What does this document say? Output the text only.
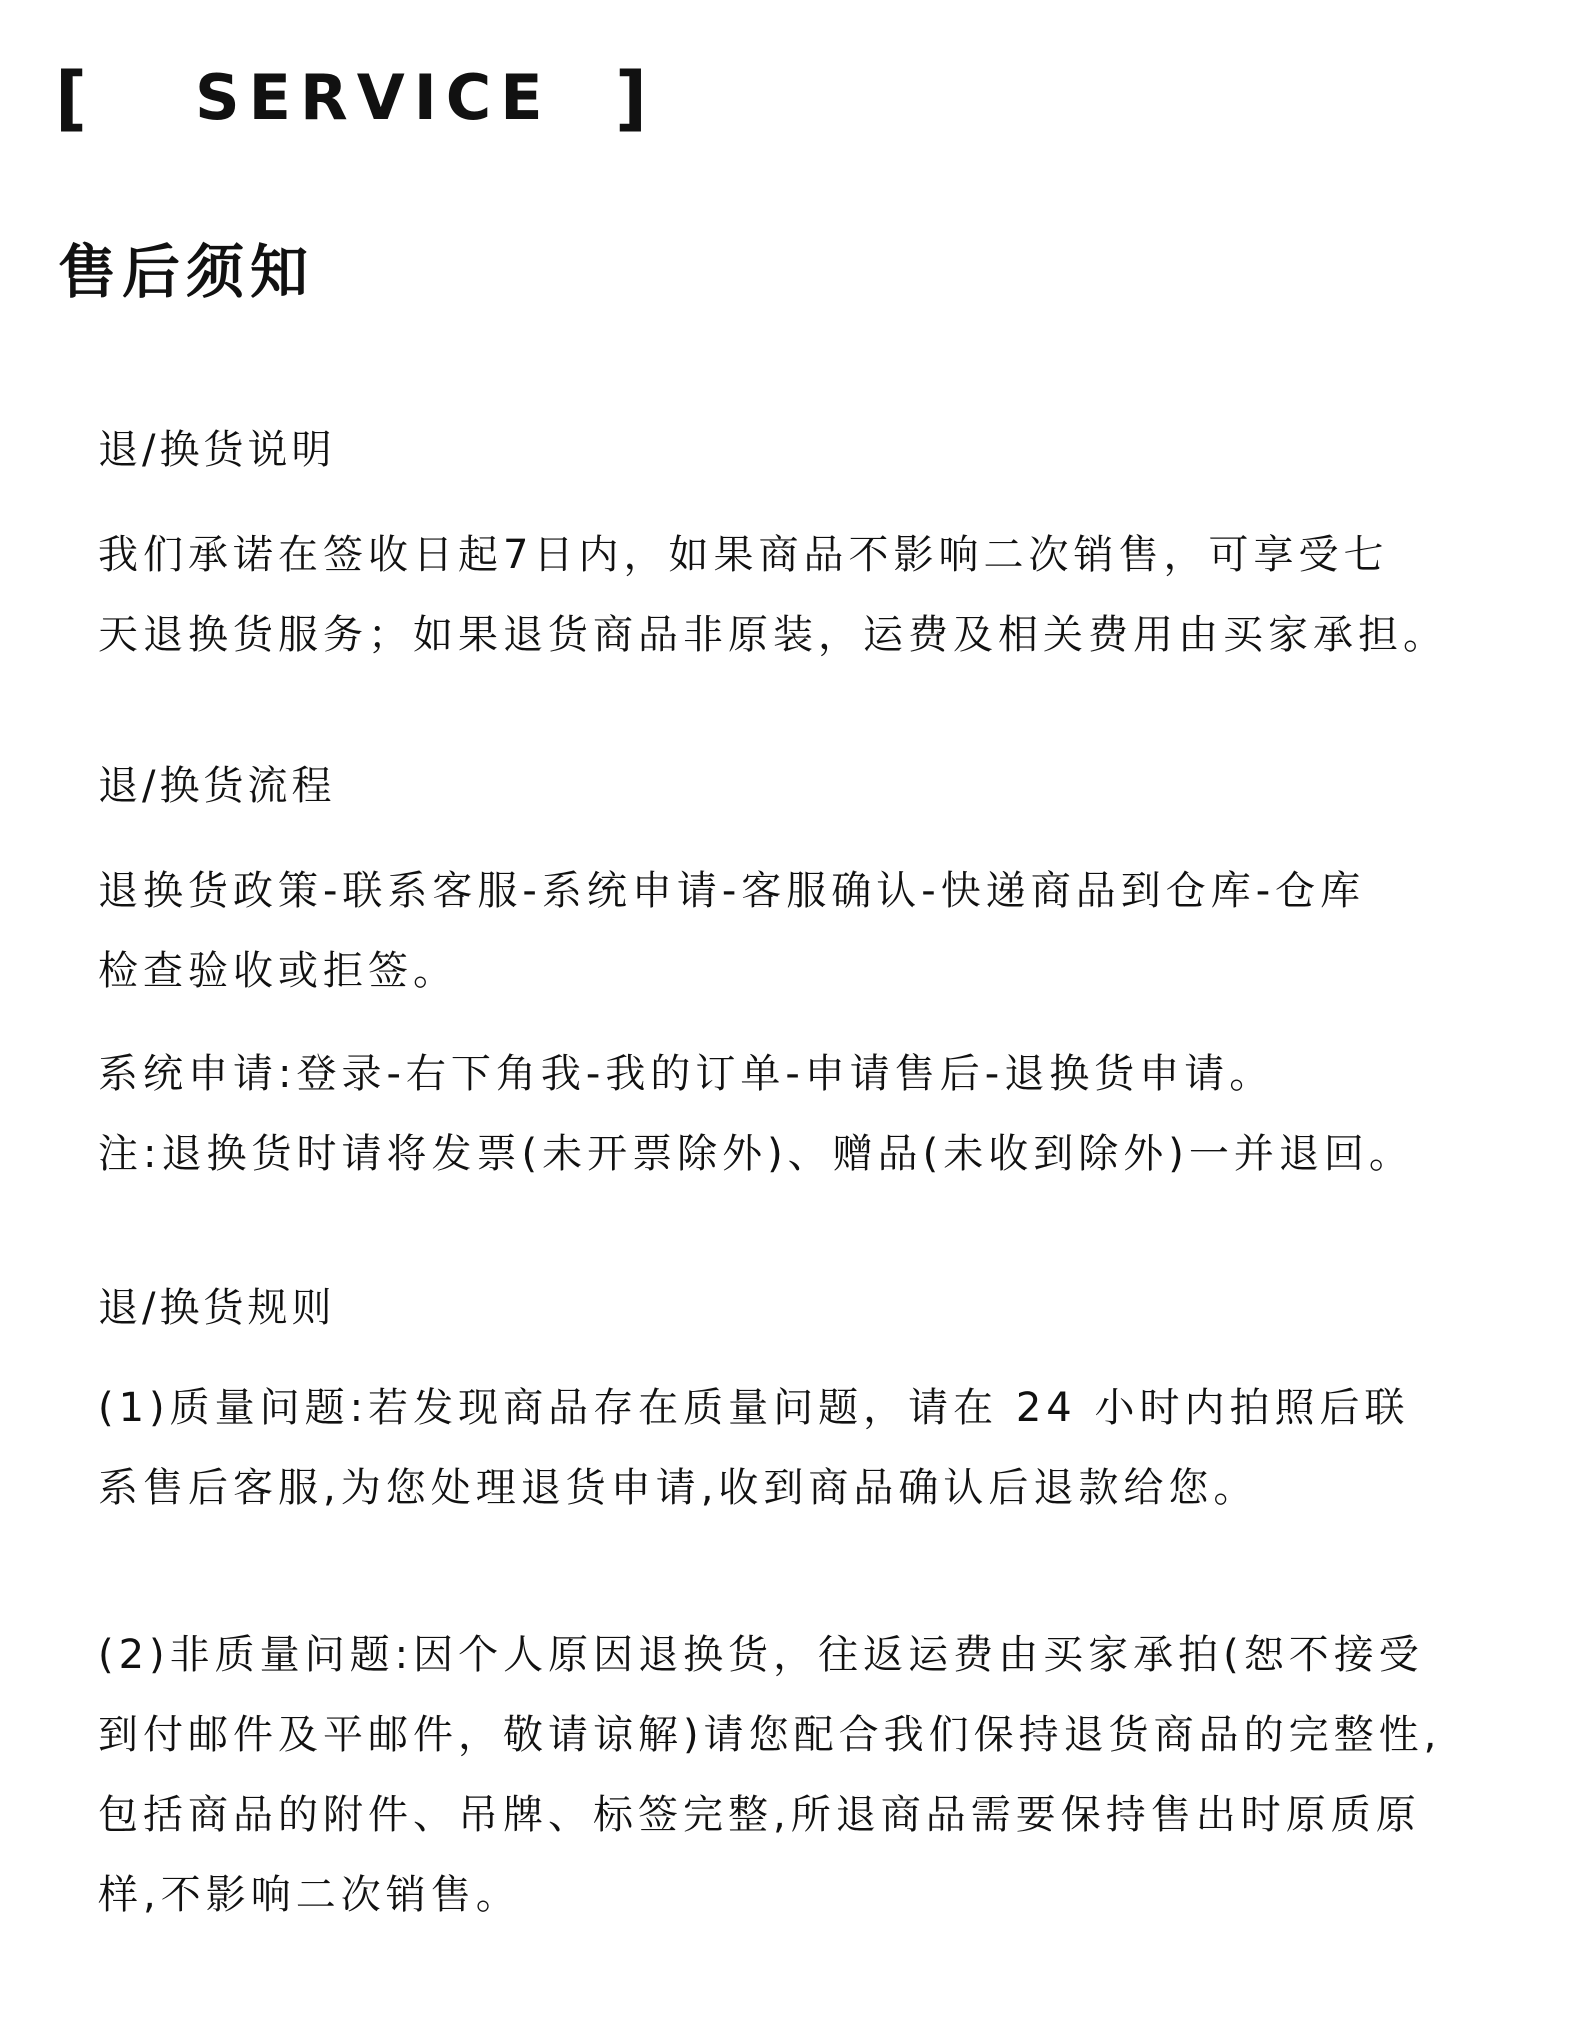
[ SERVICE ]
售后须知

退/换货说明

我们承诺在签收日起7日内，如果商品不影响二次销售，可享受七
天退换货服务；如果退货商品非原装，运费及相关费用由买家承担。

退/换货流程

退换货政策-联系客服-系统申请-客服确认-快递商品到仓库-仓库
检查验收或拒签。

系统申请:登录-右下角我-我的订单-申请售后-退换货申请。
注:退换货时请将发票(未开票除外)、赠品(未收到除外)一并退回。

退/换货规则

(1)质量问题:若发现商品存在质量问题，请在 24 小时内拍照后联
系售后客服,为您处理退货申请,收到商品确认后退款给您。

(2)非质量问题:因个人原因退换货，往返运费由买家承拍(恕不接受
到付邮件及平邮件，敬请谅解)请您配合我们保持退货商品的完整性,
包括商品的附件、吊牌、标签完整,所退商品需要保持售出时原质原
样,不影响二次销售。
